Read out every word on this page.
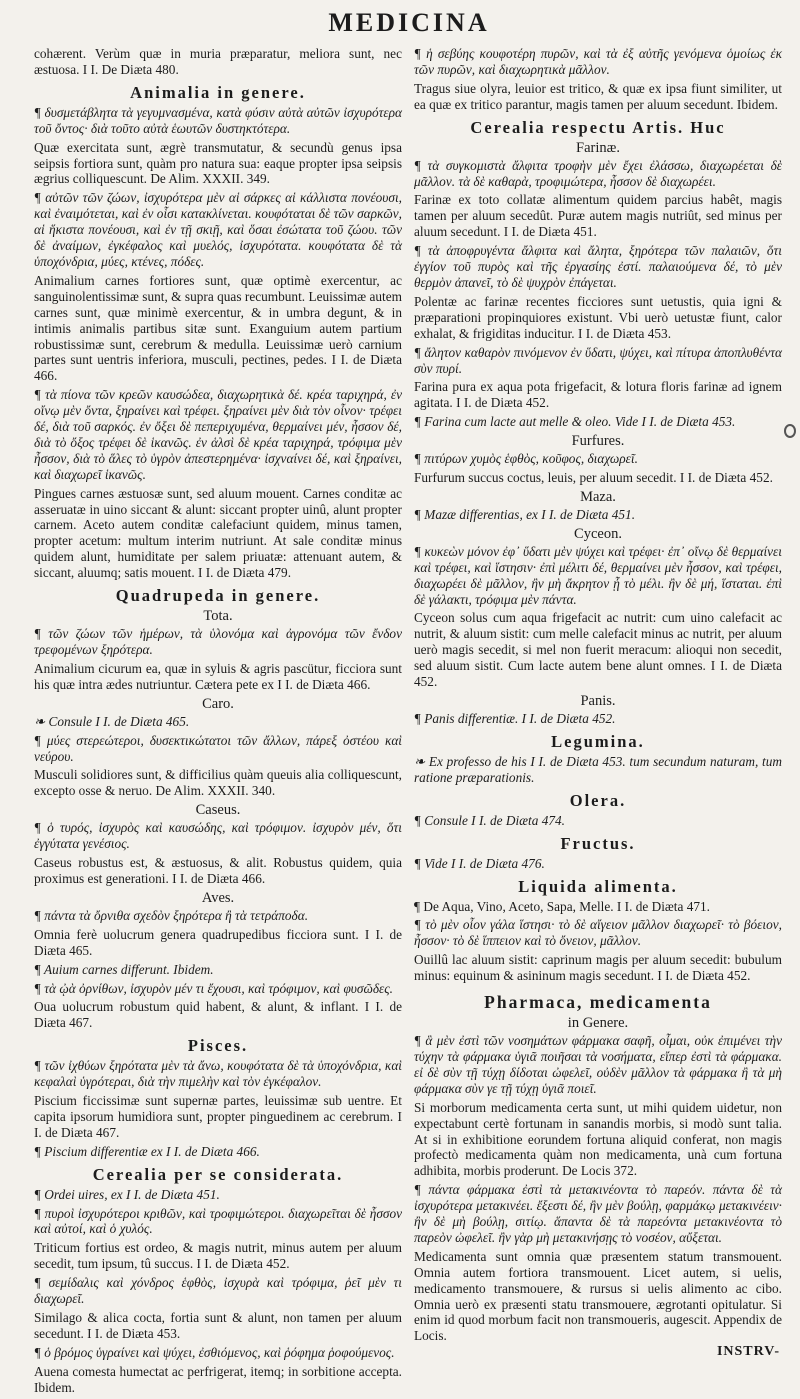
MEDICINA

cohærent. Verùm quæ in muria præparatur, meliora sunt, nec æstuosa. I I. De Diæta 480.

Animalia in genere.

¶ δυσμετάβλητα τὰ γεγυμνασμένα, κατὰ φύσιν αὐτὰ αὐτῶν ἰσχυρότερα τοῦ ὄντος· διὰ τοῦτο αὐτὰ ἑωυτῶν δυστηκτότερα.

Quæ exercitata sunt, ægrè transmutatur, & secundù genus ipsa seipsis fortiora sunt, quàm pro natura sua: eaque propter ipsa seipsis ægrius colliquescunt. De Alim. XXXII. 349.

¶ αὐτῶν τῶν ζώων, ἰσχυρότερα μὲν αἱ σάρκες αἱ κάλλιστα πονέουσι, καὶ ἐναιμότεται, καὶ ἐν οἷσι κατακλίνεται. κουφόταται δὲ τῶν σαρκῶν, αἱ ἥκιστα πονέουσι, καὶ ἐν τῇ σκιῇ, καὶ ὅσαι ἐσώτατα τοῦ ζώου. τῶν δὲ ἀναίμων, ἐγκέφαλος καὶ μυελός, ἰσχυρότατα. κουφότατα δὲ τὰ ὑποχόνδρια, μύες, κτένες, πόδες.

Animalium carnes fortiores sunt, quæ optimè exercentur, ac sanguinolentissimæ sunt, & supra quas recumbunt. Leuissimæ autem carnes sunt, quæ minimè exercentur, & in umbra degunt, & in intimis animalis partibus sitæ sunt. Exanguium autem partium robustissimæ sunt, cerebrum & medulla. Leuissimæ uerò carnium partes sunt uentris inferiora, musculi, pectines, pedes. I I. de Diæta 466.

¶ τὰ πίονα τῶν κρεῶν καυσώδεα, διαχωρητικὰ δέ. κρέα ταριχηρά, ἐν οἴνῳ μὲν ὄντα, ξηραίνει καὶ τρέφει. ξηραίνει μὲν διὰ τὸν οἶνον· τρέφει δέ, διὰ τοῦ σαρκός. ἐν ὄξει δὲ πεπεριχυμένα, θερμαίνει μέν, ἧσσον δέ, διὰ τὸ ὄξος τρέφει δὲ ἱκανῶς. ἐν ἁλσὶ δὲ κρέα ταριχηρά, τρόφιμα μὲν ἧσσον, διὰ τὸ ἅλες τὸ ὑγρὸν ἀπεστερημένα· ἰσχναίνει δέ, καὶ ξηραίνει, καὶ διαχωρεῖ ἱκανῶς.

Pingues carnes æstuosæ sunt, sed aluum mouent. Carnes conditæ ac asseruatæ in uino siccant & alunt: siccant propter uinû, alunt propter carnem. Aceto autem conditæ calefaciunt quidem, minus tamen, propter acetum: multum interim nutriunt. At sale conditæ minus quidem alunt, humiditate per salem priuatæ: attenuant autem, & siccant, aluumq; satis mouent. I I. de Diæta 479.

Quadrupeda in genere.
Tota.

¶ τῶν ζώων τῶν ἡμέρων, τὰ ὑλονόμα καὶ ἀγρονόμα τῶν ἔνδον τρεφομένων ξηρότερα.

Animalium cicurum ea, quæ in syluis & agris pascütur, ficciora sunt his quæ intra ædes nutriuntur. Cætera pete ex I I. de Diæta 466.

Caro.

❧ Consule I I. de Diæta 465.

¶ μύες στερεώτεροι, δυσεκτικώτατοι τῶν ἄλλων, πάρεξ ὀστέου καὶ νεύρου.

Musculi solidiores sunt, & difficilius quàm queuis alia colliquescunt, excepto osse & neruo. De Alim. XXXII. 340.

Caseus.

¶ ὁ τυρός, ἰσχυρὸς καὶ καυσώδης, καὶ τρόφιμον. ἰσχυρὸν μέν, ὅτι ἐγγύτατα γενέσιος.

Caseus robustus est, & æstuosus, & alit. Robustus quidem, quia proximus est generationi. I I. de Diæta 466.

Aves.

¶ πάντα τὰ ὄρνιθα σχεδὸν ξηρότερα ἢ τὰ τετράποδα.

Omnia ferè uolucrum genera quadrupedibus ficciora sunt. I I. de Diæta 465.

¶ Auium carnes differunt. Ibidem.

¶ τὰ ᾠὰ ὀρνίθων, ἰσχυρὸν μέν τι ἔχουσι, καὶ τρόφιμον, καὶ φυσῶδες.

Oua uolucrum robustum quid habent, & alunt, & inflant. I I. de Diæta 467.

Pisces.

¶ τῶν ἰχθύων ξηρότατα μὲν τὰ ἄνω, κουφότατα δὲ τὰ ὑποχόνδρια, καὶ κεφαλαὶ ὑγρότεραι, διὰ τὴν πιμελὴν καὶ τὸν ἐγκέφαλον.

Piscium ficcissimæ sunt supernæ partes, leuissimæ sub uentre. Et capita ipsorum humidiora sunt, propter pinguedinem ac cerebrum. I I. de Diæta 467.

¶ Piscium differentiæ ex I I. de Diæta 466.

Cerealia per se considerata.

¶ Ordei uires, ex I I. de Diæta 451.

¶ πυροὶ ἰσχυρότεροι κριθῶν, καὶ τροφιμώτεροι. διαχωρεῖται δὲ ἧσσον καὶ αὐτοί, καὶ ὁ χυλός.

Triticum fortius est ordeo, & magis nutrit, minus autem per aluum secedit, tum ipsum, tû succus. I I. de Diæta 452.

¶ σεμίδαλις καὶ χόνδρος ἑφθὸς, ἰσχυρὰ καὶ τρόφιμα, ῥεῖ μὲν τι διαχωρεῖ.

Similago & alica cocta, fortia sunt & alunt, non tamen per aluum secedunt. I I. de Diæta 453.

¶ ὁ βρόμος ὑγραίνει καὶ ψύχει, ἐσθιόμενος, καὶ ῥόφημα ῥοφούμενος.

Auena comesta humectat ac perfrigerat, itemq; in sorbitione accepta. Ibidem.

¶ ἡ σεβύης κουφοτέρη πυρῶν, καὶ τὰ ἐξ αὐτῆς γενόμενα ὁμοίως ἐκ τῶν πυρῶν, καὶ διαχωρητικὰ μᾶλλον.

Tragus siue olyra, leuior est tritico, & quæ ex ipsa fiunt similiter, ut ea quæ ex tritico parantur, magis tamen per aluum secedunt. Ibidem.

Cerealia respectu Artis. Huc
Farinæ.

¶ τὰ συγκομιστὰ ἄλφιτα τροφὴν μὲν ἔχει ἐλάσσω, διαχωρέεται δὲ μᾶλλον. τὰ δὲ καθαρὰ, τροφιμώτερα, ἧσσον δὲ διαχωρέει.

Farinæ ex toto collatæ alimentum quidem parcius habêt, magis tamen per aluum secedût. Puræ autem magis nutriût, sed minus per aluum secedunt. I I. de Diæta 451.

¶ τὰ ἀποφρυγέντα ἄλφιτα καὶ ἄλητα, ξηρότερα τῶν παλαιῶν, ὅτι ἐγγίον τοῦ πυρὸς καὶ τῆς ἐργασίης ἐστί. παλαιούμενα δέ, τὸ μὲν θερμὸν ἀπανεῖ, τὸ δὲ ψυχρὸν ἐπάγεται.

Polentæ ac farinæ recentes ficciores sunt uetustis, quia igni & præparationi propinquiores existunt. Vbi uerò uetustæ fiunt, calor exhalat, & frigiditas inducitur. I I. de Diæta 453.

¶ ἄλητον καθαρὸν πινόμενον ἐν ὕδατι, ψύχει, καὶ πίτυρα ἀποπλυθέντα σὺν πυρί.

Farina pura ex aqua pota frigefacit, & lotura floris farinæ ad ignem agitata. I I. de Diæta 452.

¶ Farina cum lacte aut melle & oleo. Vide I I. de Diæta 453.

Furfures.

¶ πιτύρων χυμὸς ἑφθὸς, κοῦφος, διαχωρεῖ.

Furfurum succus coctus, leuis, per aluum secedit. I I. de Diæta 452.

Maza.

¶ Mazæ differentias, ex I I. de Diæta 451.

Cyceon.

¶ κυκεὼν μόνον ἐφ᾽ ὕδατι μὲν ψύχει καὶ τρέφει· ἐπ᾽ οἴνῳ δὲ θερμαίνει καὶ τρέφει, καὶ ἵστησιν· ἐπὶ μέλιτι δέ, θερμαίνει μὲν ἧσσον, καὶ τρέφει, διαχωρέει δὲ μᾶλλον, ἢν μὴ ἄκρητον ᾖ τὸ μέλι. ἢν δὲ μή, ἵσταται. ἐπὶ δὲ γάλακτι, τρόφιμα μὲν πάντα.

Cyceon solus cum aqua frigefacit ac nutrit: cum uino calefacit ac nutrit, & aluum sistit: cum melle calefacit minus ac nutrit, per aluum uerò magis secedit, si mel non fuerit meracum: alioqui non secedit, sed aluum sistit. Cum lacte autem bene alunt omnes. I I. de Diæta 452.

Panis.

¶ Panis differentiæ. I I. de Diæta 452.

Legumina.

❧ Ex professo de his I I. de Diæta 453. tum secundum naturam, tum ratione præparationis.

Olera.

¶ Consule I I. de Diæta 474.

Fructus.

¶ Vide I I. de Diæta 476.

Liquida alimenta.

¶ De Aqua, Vino, Aceto, Sapa, Melle. I I. de Diæta 471.

¶ τὸ μὲν οἶον γάλα ἵστησι· τὸ δὲ αἴγειον μᾶλλον διαχωρεῖ· τὸ βόειον, ἧσσον· τὸ δὲ ἵππειον καὶ τὸ ὄνειον, μᾶλλον.

Ouillû lac aluum sistit: caprinum magis per aluum secedit: bubulum minus: equinum & asininum magis secedunt. I I. de Diæta 452.

Pharmaca, medicamenta
in Genere.

¶ ἃ μὲν ἐστὶ τῶν νοσημάτων φάρμακα σαφῆ, οἶμαι, οὐκ ἐπιμένει τὴν τύχην τὰ φάρμακα ὑγιᾶ ποιῆσαι τὰ νοσήματα, εἴπερ ἐστὶ τὰ φάρμακα. εἰ δὲ σὺν τῇ τύχῃ δίδοται ὠφελεῖ, οὐδὲν μᾶλλον τὰ φάρμακα ἢ τὰ μὴ φάρμακα σὺν γε τῇ τύχῃ ὑγιᾶ ποιεῖ.

Si morborum medicamenta certa sunt, ut mihi quidem uidetur, non expectabunt certè fortunam in sanandis morbis, si modò sunt talia. At si in exhibitione eorundem fortuna aliquid conferat, non magis profectò medicamenta quàm non medicamenta, unà cum fortuna adhibita, morbis proderunt. De Locis 372.

¶ πάντα φάρμακα ἐστὶ τὰ μετακινέοντα τὸ παρεόν. πάντα δὲ τὰ ἰσχυρότερα μετακινέει. ἔξεστι δέ, ἢν μὲν βούλῃ, φαρμάκῳ μετακινέειν· ἢν δὲ μὴ βούλῃ, σιτίῳ. ἅπαντα δὲ τὰ παρεόντα μετακινέοντα τὸ παρεὸν ὠφελεῖ. ἢν γὰρ μὴ μετακινήσῃς τὸ νοσέον, αὔξεται.

Medicamenta sunt omnia quæ præsentem statum transmouent. Omnia autem fortiora transmouent. Licet autem, si uelis, medicamento transmouere, & rursus si uelis alimento ac cibo. Omnia uerò ex præsenti statu transmouere, ægrotanti opitulatur. Si enim id quod morbum facit non transmoueris, augescit. Appendix de Locis.

INSTRV-
